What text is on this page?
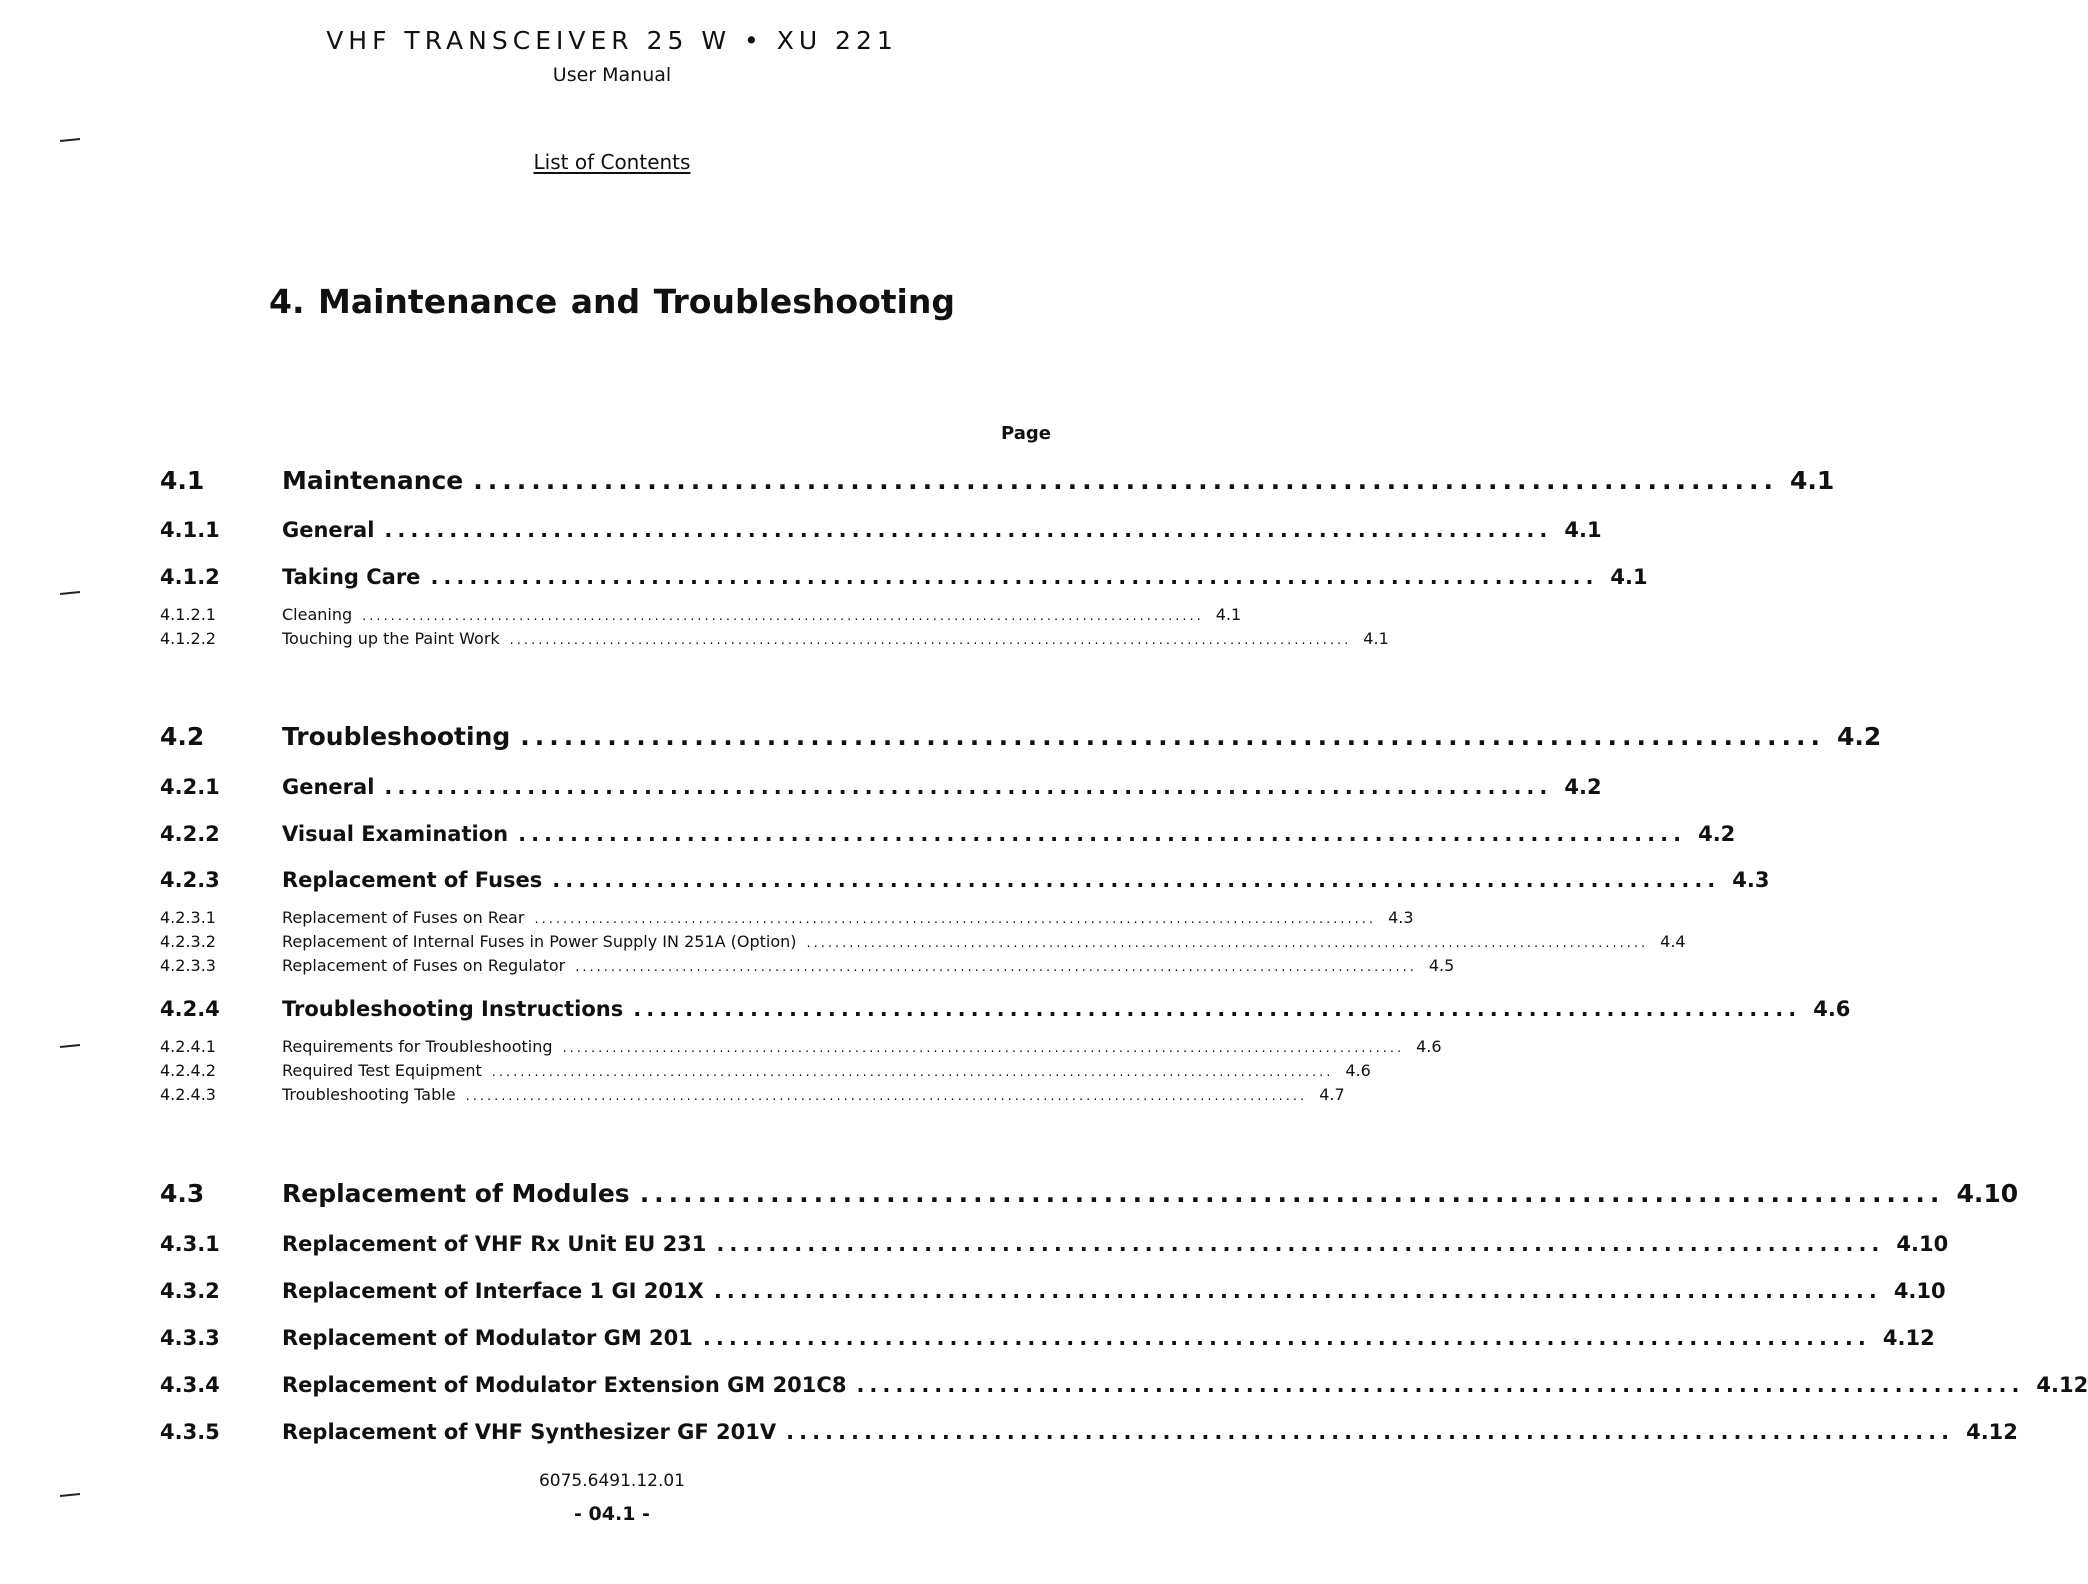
VHF TRANSCEIVER 25 W • XU 221
User Manual
List of Contents
4. Maintenance and Troubleshooting
Page
4.1	Maintenance .......................................................................................... 4.1
4.1.1	General .......................................................................................... 4.1
4.1.2	Taking Care .......................................................................................... 4.1
4.1.2.1	Cleaning ...................................................................................................................... 4.1
4.1.2.2	Touching up the Paint Work ...................................................................................................................... 4.1
4.2	Troubleshooting .......................................................................................... 4.2
4.2.1	General .......................................................................................... 4.2
4.2.2	Visual Examination .......................................................................................... 4.2
4.2.3	Replacement of Fuses .......................................................................................... 4.3
4.2.3.1	Replacement of Fuses on Rear ...................................................................................................................... 4.3
4.2.3.2	Replacement of Internal Fuses in Power Supply IN 251A (Option) ...................................................................................................................... 4.4
4.2.3.3	Replacement of Fuses on Regulator ...................................................................................................................... 4.5
4.2.4	Troubleshooting Instructions .......................................................................................... 4.6
4.2.4.1	Requirements for Troubleshooting ...................................................................................................................... 4.6
4.2.4.2	Required Test Equipment ...................................................................................................................... 4.6
4.2.4.3	Troubleshooting Table ...................................................................................................................... 4.7
4.3	Replacement of Modules .......................................................................................... 4.10
4.3.1	Replacement of VHF Rx Unit EU 231 .......................................................................................... 4.10
4.3.2	Replacement of Interface 1 GI 201X .......................................................................................... 4.10
4.3.3	Replacement of Modulator GM 201 .......................................................................................... 4.12
4.3.4	Replacement of Modulator Extension GM 201C8 .......................................................................................... 4.12
4.3.5	Replacement of VHF Synthesizer GF 201V .......................................................................................... 4.12
6075.6491.12.01
- 04.1 -
